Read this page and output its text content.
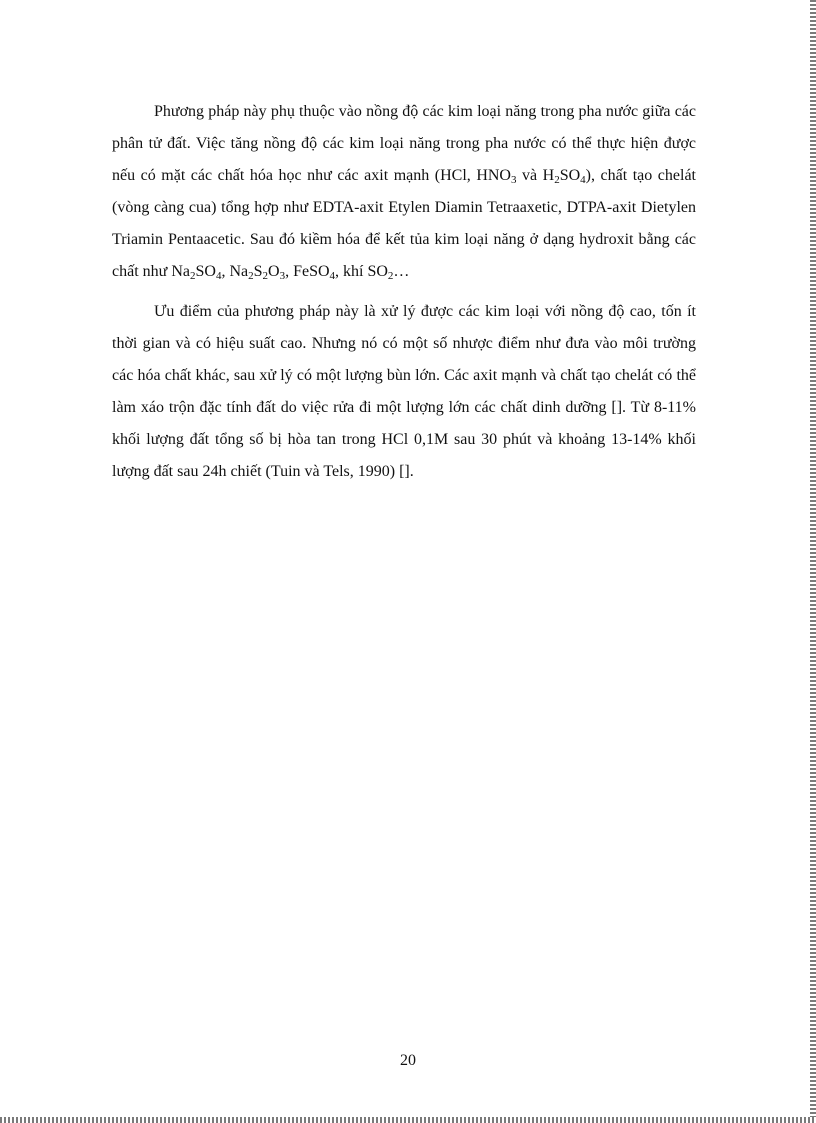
Phương pháp này phụ thuộc vào nồng độ các kim loại năng trong pha nước giữa các phân tử đất. Việc tăng nồng độ các kim loại năng trong pha nước có thể thực hiện được nếu có mặt các chất hóa học như các axit mạnh (HCl, $HNO_3$ và $H_2SO_4$), chất tạo chelát (vòng càng cua) tổng hợp như EDTA-axit Etylen Diamin Tetraaxetic, DTPA-axit Dietylen Triamin Pentaacetic. Sau đó kiềm hóa để kết tủa kim loại năng ở dạng hydroxit bằng các chất như $Na_2SO_4$, $Na_2S_2O_3$, FeSO$_4$, khí $SO_2\dots$

Ưu điểm của phương pháp này là xử lý được các kim loại với nồng độ cao, tốn ít thời gian và có hiệu suất cao. Nhưng nó có một số nhược điểm như đưa vào môi trường các hóa chất khác, sau xử lý có một lượng bùn lớn. Các axit mạnh và chất tạo chelát có thể làm xáo trộn đặc tính đất do việc rửa đi một lượng lớn các chất dinh dưỡng []. Từ 8-11% khối lượng đất tổng số bị hòa tan trong HCl 0,1M sau 30 phút và khoảng 13-14% khối lượng đất sau 24h chiết (Tuin và Tels, 1990) [].

20
